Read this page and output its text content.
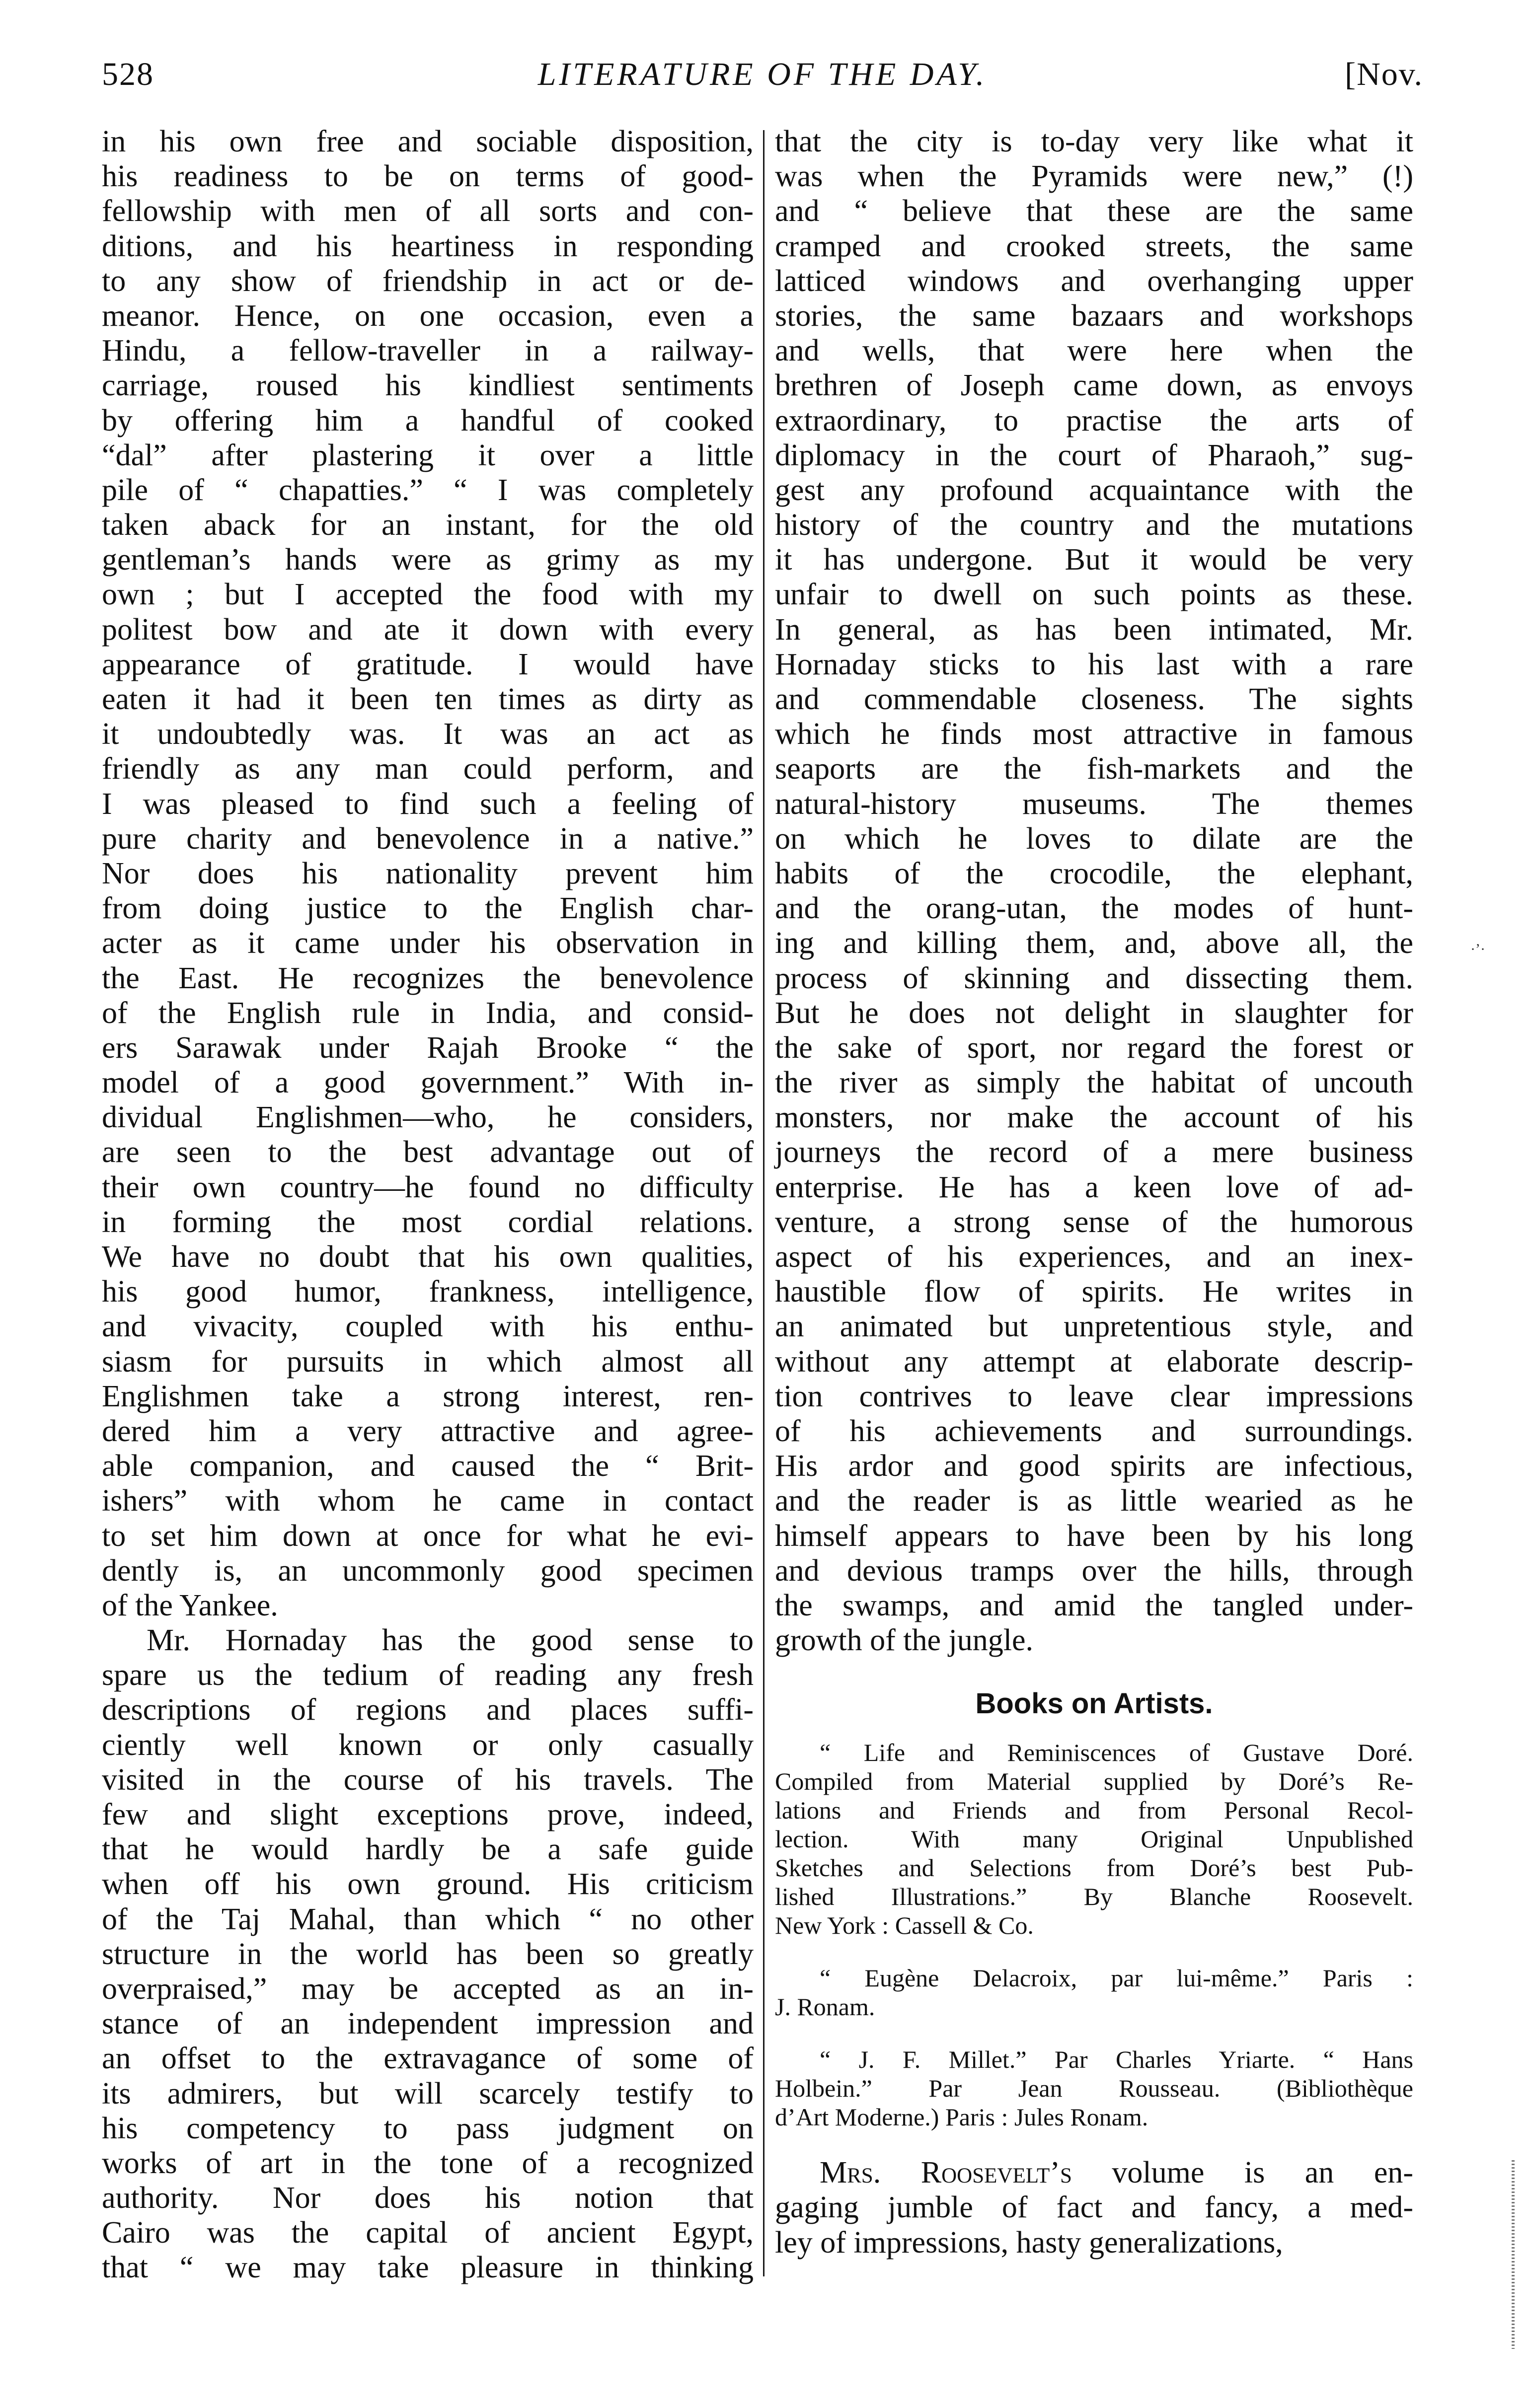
528	LITERATURE OF THE DAY.	[Nov.

in his own free and sociable disposition,
his readiness to be on terms of good-
fellowship with men of all sorts and con-
ditions, and his heartiness in responding
to any show of friendship in act or de-
meanor. Hence, on one occasion, even a
Hindu, a fellow-traveller in a railway-
carriage, roused his kindliest sentiments
by offering him a handful of cooked
“dal” after plastering it over a little
pile of “ chapatties.” “ I was completely
taken aback for an instant, for the old
gentleman’s hands were as grimy as my
own ; but I accepted the food with my
politest bow and ate it down with every
appearance of gratitude. I would have
eaten it had it been ten times as dirty as
it undoubtedly was. It was an act as
friendly as any man could perform, and
I was pleased to find such a feeling of
pure charity and benevolence in a native.”
Nor does his nationality prevent him
from doing justice to the English char-
acter as it came under his observation in
the East. He recognizes the benevolence
of the English rule in India, and consid-
ers Sarawak under Rajah Brooke “ the
model of a good government.” With in-
dividual Englishmen—who, he considers,
are seen to the best advantage out of
their own country—he found no difficulty
in forming the most cordial relations.
We have no doubt that his own qualities,
his good humor, frankness, intelligence,
and vivacity, coupled with his enthu-
siasm for pursuits in which almost all
Englishmen take a strong interest, ren-
dered him a very attractive and agree-
able companion, and caused the “ Brit-
ishers” with whom he came in contact
to set him down at once for what he evi-
dently is, an uncommonly good specimen
of the Yankee.

Mr. Hornaday has the good sense to
spare us the tedium of reading any fresh
descriptions of regions and places suffi-
ciently well known or only casually
visited in the course of his travels. The
few and slight exceptions prove, indeed,
that he would hardly be a safe guide
when off his own ground. His criticism
of the Taj Mahal, than which “ no other
structure in the world has been so greatly
overpraised,” may be accepted as an in-
stance of an independent impression and
an offset to the extravagance of some of
its admirers, but will scarcely testify to
his competency to pass judgment on
works of art in the tone of a recognized
authority. Nor does his notion that
Cairo was the capital of ancient Egypt,
that “ we may take pleasure in thinking

that the city is to-day very like what it
was when the Pyramids were new,” (!)
and “ believe that these are the same
cramped and crooked streets, the same
latticed windows and overhanging upper
stories, the same bazaars and workshops
and wells, that were here when the
brethren of Joseph came down, as envoys
extraordinary, to practise the arts of
diplomacy in the court of Pharaoh,” sug-
gest any profound acquaintance with the
history of the country and the mutations
it has undergone. But it would be very
unfair to dwell on such points as these.
In general, as has been intimated, Mr.
Hornaday sticks to his last with a rare
and commendable closeness. The sights
which he finds most attractive in famous
seaports are the fish-markets and the
natural-history museums. The themes
on which he loves to dilate are the
habits of the crocodile, the elephant,
and the orang-utan, the modes of hunt-
ing and killing them, and, above all, the
process of skinning and dissecting them.
But he does not delight in slaughter for
the sake of sport, nor regard the forest or
the river as simply the habitat of uncouth
monsters, nor make the account of his
journeys the record of a mere business
enterprise. He has a keen love of ad-
venture, a strong sense of the humorous
aspect of his experiences, and an inex-
haustible flow of spirits. He writes in
an animated but unpretentious style, and
without any attempt at elaborate descrip-
tion contrives to leave clear impressions
of his achievements and surroundings.
His ardor and good spirits are infectious,
and the reader is as little wearied as he
himself appears to have been by his long
and devious tramps over the hills, through
the swamps, and amid the tangled under-
growth of the jungle.

Books on Artists.
“ Life and Reminiscences of Gustave Doré.
Compiled from Material supplied by Doré’s Re-
lations and Friends and from Personal Recol-
lection. With many Original Unpublished
Sketches and Selections from Doré’s best Pub-
lished Illustrations.” By Blanche Roosevelt.
New York : Cassell & Co.
“ Eugène Delacroix, par lui-même.” Paris :
J. Ronam.
“ J. F. Millet.” Par Charles Yriarte. “ Hans
Holbein.” Par Jean Rousseau. (Bibliothèque
d’Art Moderne.) Paris : Jules Ronam.

Mrs. Roosevelt’s volume is an en-
gaging jumble of fact and fancy, a med-
ley of impressions, hasty generalizations,

·ʼ·
